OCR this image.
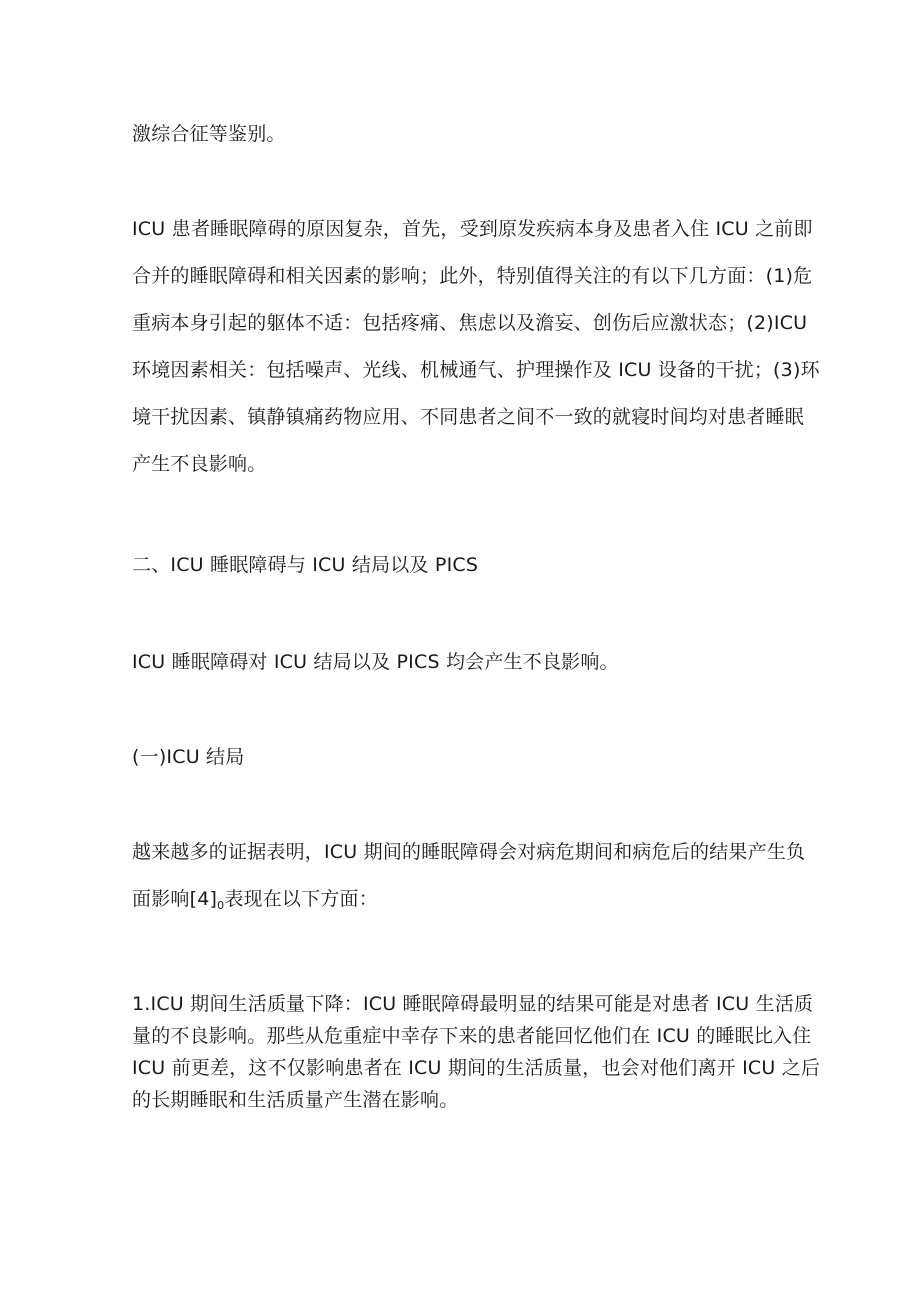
激综合征等鉴别。

ICU 患者睡眠障碍的原因复杂，首先，受到原发疾病本身及患者入住 ICU 之前即
合并的睡眠障碍和相关因素的影响；此外，特别值得关注的有以下几方面：(1)危
重病本身引起的躯体不适：包括疼痛、焦虑以及澹妄、创伤后应激状态；(2)ICU
环境因素相关：包括噪声、光线、机械通气、护理操作及 ICU 设备的干扰；(3)环
境干扰因素、镇静镇痛药物应用、不同患者之间不一致的就寝时间均对患者睡眠
产生不良影响。
二、ICU 睡眠障碍与 ICU 结局以及 PICS

ICU 睡眠障碍对 ICU 结局以及 PICS 均会产生不良影响。

(一)ICU 结局
越来越多的证据表明，ICU 期间的睡眠障碍会对病危期间和病危后的结果产生负
面影响$[4]_0$表现在以下方面：
1.ICU 期间生活质量下降：ICU 睡眠障碍最明显的结果可能是对患者 ICU 生活质
量的不良影响。那些从危重症中幸存下来的患者能回忆他们在 ICU 的睡眠比入住
ICU 前更差，这不仅影响患者在 ICU 期间的生活质量，也会对他们离开 ICU 之后
的长期睡眠和生活质量产生潜在影响。
